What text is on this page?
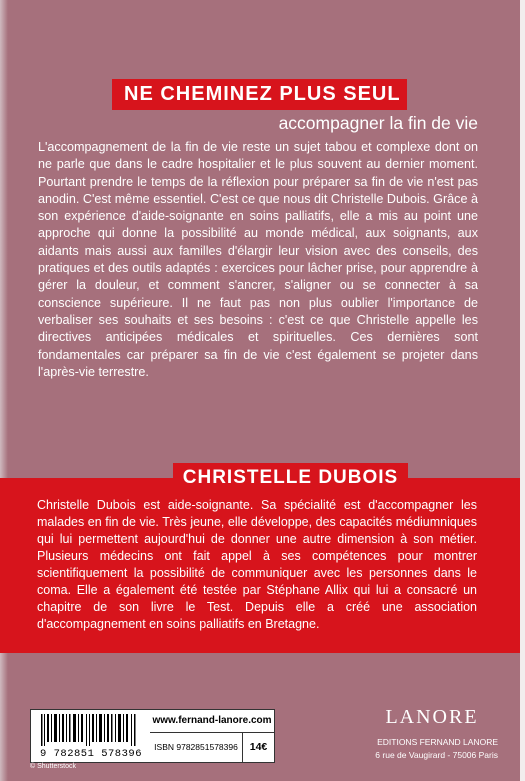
NE CHEMINEZ PLUS SEUL
accompagner la fin de vie

L'accompagnement de la fin de vie reste un sujet tabou et complexe dont on ne parle que dans le cadre hospitalier et le plus souvent au dernier moment. Pourtant prendre le temps de la réflexion pour préparer sa fin de vie n'est pas anodin. C'est même essentiel. C'est ce que nous dit Christelle Dubois. Grâce à son expérience d'aide-soignante en soins palliatifs, elle a mis au point une approche qui donne la possibilité au monde médical, aux soignants, aux aidants mais aussi aux familles d'élargir leur vision avec des conseils, des pratiques et des outils adaptés : exercices pour lâcher prise, pour apprendre à gérer la douleur, et comment s'ancrer, s'aligner ou se connecter à sa conscience supérieure. Il ne faut pas non plus oublier l'importance de verbaliser ses souhaits et ses besoins : c'est ce que Christelle appelle les directives anticipées médicales et spirituelles. Ces dernières sont fondamentales car préparer sa fin de vie c'est également se projeter dans l'après-vie terrestre.

CHRISTELLE DUBOIS

Christelle Dubois est aide-soignante. Sa spécialité est d'accompagner les malades en fin de vie. Très jeune, elle développe, des capacités médiumniques qui lui permettent aujourd'hui de donner une autre dimension à son métier. Plusieurs médecins ont fait appel à ses compétences pour montrer scientifiquement la possibilité de communiquer avec les personnes dans le coma. Elle a également été testée par Stéphane Allix qui lui a consacré un chapitre de son livre le Test. Depuis elle a créé une association d'accompagnement en soins palliatifs en Bretagne.

9 782851 578396
www.fernand-lanore.com
ISBN 9782851578396	14€
© Shutterstock
LANORE
EDITIONS FERNAND LANORE
6 rue de Vaugirard - 75006 Paris
